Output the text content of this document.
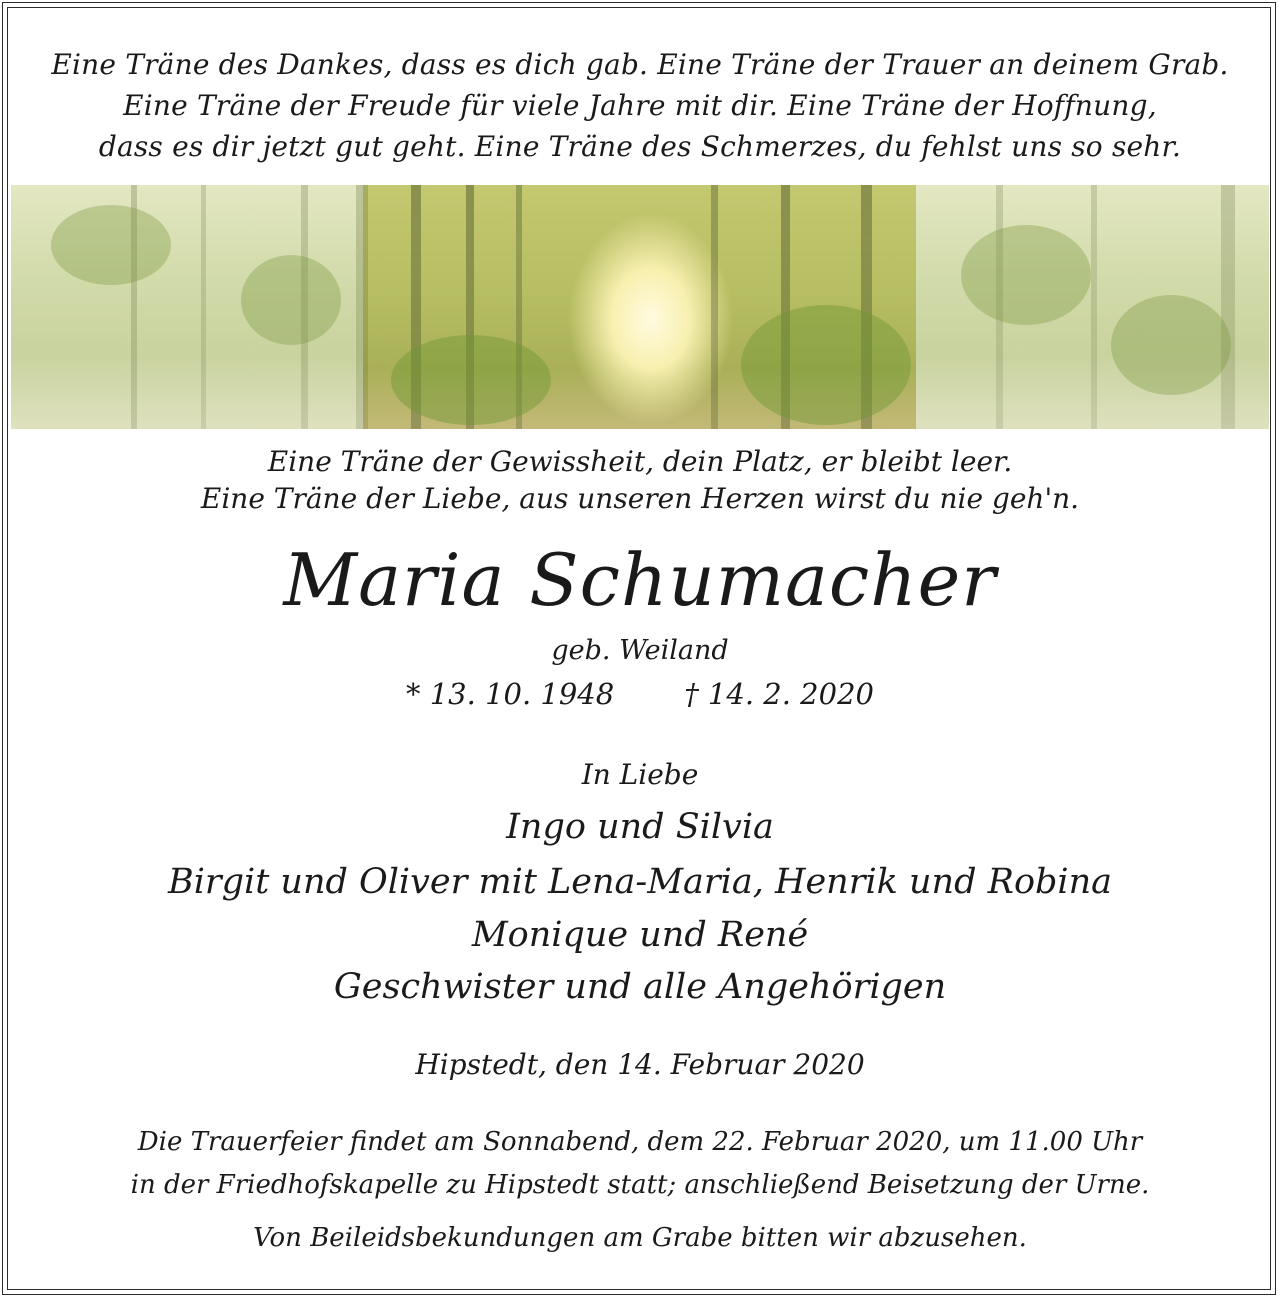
Eine Träne des Dankes, dass es dich gab. Eine Träne der Trauer an deinem Grab.
Eine Träne der Freude für viele Jahre mit dir. Eine Träne der Hoffnung,
dass es dir jetzt gut geht. Eine Träne des Schmerzes, du fehlst uns so sehr.
Eine Träne der Gewissheit, dein Platz, er bleibt leer.
Eine Träne der Liebe, aus unseren Herzen wirst du nie geh'n.
Maria Schumacher
geb. Weiland
* 13. 10. 1948 † 14. 2. 2020
In Liebe
Ingo und Silvia
Birgit und Oliver mit Lena-Maria, Henrik und Robina
Monique und René
Geschwister und alle Angehörigen
Hipstedt, den 14. Februar 2020
Die Trauerfeier findet am Sonnabend, dem 22. Februar 2020, um 11.00 Uhr
in der Friedhofskapelle zu Hipstedt statt; anschließend Beisetzung der Urne.
Von Beileidsbekundungen am Grabe bitten wir abzusehen.
